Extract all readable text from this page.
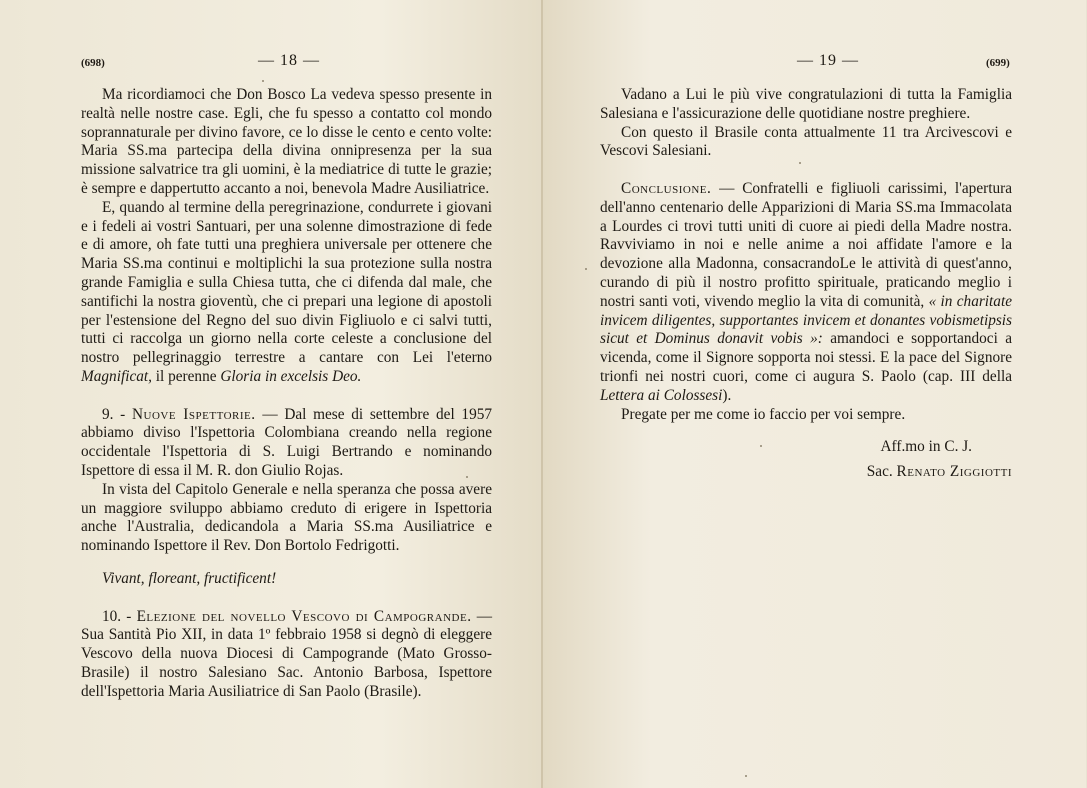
(698)	— 18 —

Ma ricordiamoci che Don Bosco La vedeva spesso presente in realtà nelle nostre case. Egli, che fu spesso a contatto col mondo soprannaturale per divino favore, ce lo disse le cento e cento volte: Maria SS.ma partecipa della divina onnipresenza per la sua missione salvatrice tra gli uomini, è la mediatrice di tutte le grazie; è sempre e dappertutto accanto a noi, benevola Madre Ausiliatrice.

E, quando al termine della peregrinazione, condurrete i giovani e i fedeli ai vostri Santuari, per una solenne dimostrazione di fede e di amore, oh fate tutti una preghiera universale per ottenere che Maria SS.ma continui e moltiplichi la sua protezione sulla nostra grande Famiglia e sulla Chiesa tutta, che ci difenda dal male, che santifichi la nostra gioventù, che ci prepari una legione di apostoli per l'estensione del Regno del suo divin Figliuolo e ci salvi tutti, tutti ci raccolga un giorno nella corte celeste a conclusione del nostro pellegrinaggio terrestre a cantare con Lei l'eterno Magnificat, il perenne Gloria in excelsis Deo.

9. - Nuove Ispettorie. — Dal mese di settembre del 1957 abbiamo diviso l'Ispettoria Colombiana creando nella regione occidentale l'Ispettoria di S. Luigi Bertrando e nominando Ispettore di essa il M. R. don Giulio Rojas.

In vista del Capitolo Generale e nella speranza che possa avere un maggiore sviluppo abbiamo creduto di erigere in Ispettoria anche l'Australia, dedicandola a Maria SS.ma Ausiliatrice e nominando Ispettore il Rev. Don Bortolo Fedrigotti.

Vivant, floreant, fructificent!

10. - Elezione del novello Vescovo di Campogrande. — Sua Santità Pio XII, in data 1º febbraio 1958 si degnò di eleggere Vescovo della nuova Diocesi di Campogrande (Mato Grosso-Brasile) il nostro Salesiano Sac. Antonio Barbosa, Ispettore dell'Ispettoria Maria Ausiliatrice di San Paolo (Brasile).

— 19 —	(699)

Vadano a Lui le più vive congratulazioni di tutta la Famiglia Salesiana e l'assicurazione delle quotidiane nostre preghiere.

Con questo il Brasile conta attualmente 11 tra Arcivescovi e Vescovi Salesiani.

Conclusione. — Confratelli e figliuoli carissimi, l'apertura dell'anno centenario delle Apparizioni di Maria SS.ma Immacolata a Lourdes ci trovi tutti uniti di cuore ai piedi della Madre nostra. Ravviviamo in noi e nelle anime a noi affidate l'amore e la devozione alla Madonna, consacrandoLe le attività di quest'anno, curando di più il nostro profitto spirituale, praticando meglio i nostri santi voti, vivendo meglio la vita di comunità, « in charitate invicem diligentes, supportantes invicem et donantes vobismetipsis sicut et Dominus donavit vobis »: amandoci e sopportandoci a vicenda, come il Signore sopporta noi stessi. E la pace del Signore trionfi nei nostri cuori, come ci augura S. Paolo (cap. III della Lettera ai Colossesi).

Pregate per me come io faccio per voi sempre.

Aff.mo in C. J.

Sac. Renato Ziggiotti
